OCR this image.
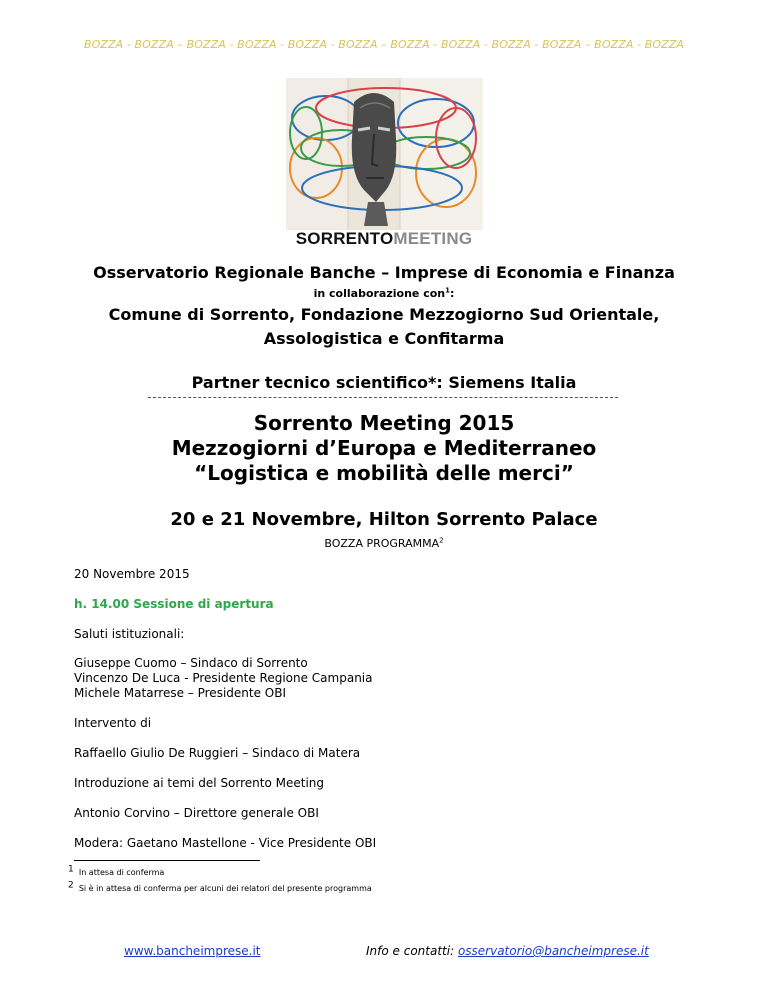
BOZZA - BOZZA – BOZZA - BOZZA - BOZZA - BOZZA – BOZZA - BOZZA - BOZZA - BOZZA – BOZZA - BOZZA
SORRENTOMEETING
Osservatorio Regionale Banche – Imprese di Economia e Finanza
in collaborazione con$^1$:
Comune di Sorrento, Fondazione Mezzogiorno Sud Orientale,
Assologistica e Confitarma
Partner tecnico scientifico*: Siemens Italia
Sorrento Meeting 2015
Mezzogiorni d’Europa e Mediterraneo
“Logistica e mobilità delle merci”
20 e 21 Novembre, Hilton Sorrento Palace
BOZZA PROGRAMMA$^2$
20 Novembre 2015
h. 14.00 Sessione di apertura
Saluti istituzionali:
Giuseppe Cuomo – Sindaco di Sorrento
Vincenzo De Luca - Presidente Regione Campania
Michele Matarrese – Presidente OBI
Intervento di
Raffaello Giulio De Ruggieri – Sindaco di Matera
Introduzione ai temi del Sorrento Meeting
Antonio Corvino – Direttore generale OBI
Modera: Gaetano Mastellone - Vice Presidente OBI
$^1$ In attesa di conferma
$^2$ Si è in attesa di conferma per alcuni dei relatori del presente programma
www.bancheimprese.it	Info e contatti: osservatorio@bancheimprese.it
